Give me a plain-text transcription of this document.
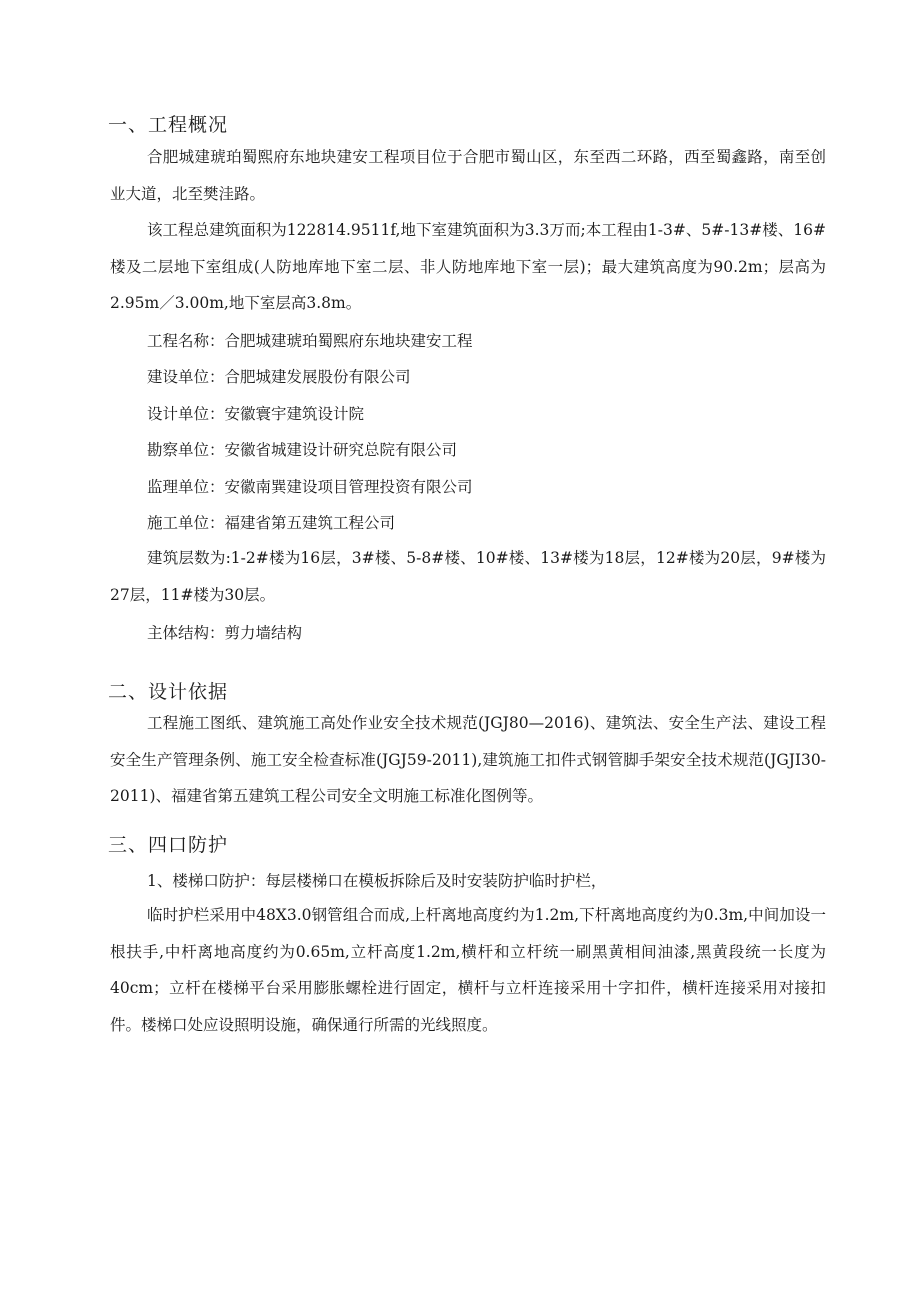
一、工程概况

合肥城建琥珀蜀熙府东地块建安工程项目位于合肥市蜀山区，东至西二环路，西至蜀鑫路，南至创业大道，北至樊洼路。

该工程总建筑面积为122814.9511f,地下室建筑面积为3.3万而;本工程由1-3#、5#-13#楼、16#楼及二层地下室组成(人防地库地下室二层、非人防地库地下室一层)；最大建筑高度为90.2m；层高为2.95m／3.00m,地下室层高3.8m。

工程名称：合肥城建琥珀蜀熙府东地块建安工程

建设单位：合肥城建发展股份有限公司

设计单位：安徽寰宇建筑设计院

勘察单位：安徽省城建设计研究总院有限公司

监理单位：安徽南巽建设项目管理投资有限公司

施工单位：福建省第五建筑工程公司

建筑层数为:1-2#楼为16层，3#楼、5-8#楼、10#楼、13#楼为18层，12#楼为20层，9#楼为27层，11#楼为30层。

主体结构：剪力墙结构

二、设计依据

工程施工图纸、建筑施工高处作业安全技术规范(JGJ80—2016)、建筑法、安全生产法、建设工程安全生产管理条例、施工安全检查标准(JGJ59-2011),建筑施工扣件式钢管脚手架安全技术规范(JGJI30-2011)、福建省第五建筑工程公司安全文明施工标准化图例等。

三、四口防护

1、楼梯口防护：每层楼梯口在模板拆除后及时安装防护临时护栏，

临时护栏采用中48X3.0钢管组合而成,上杆离地高度约为1.2m,下杆离地高度约为0.3m,中间加设一根扶手,中杆离地高度约为0.65m,立杆高度1.2m,横杆和立杆统一刷黑黄相间油漆,黑黄段统一长度为40cm；立杆在楼梯平台采用膨胀螺栓进行固定，横杆与立杆连接采用十字扣件，横杆连接采用对接扣件。楼梯口处应设照明设施，确保通行所需的光线照度。
